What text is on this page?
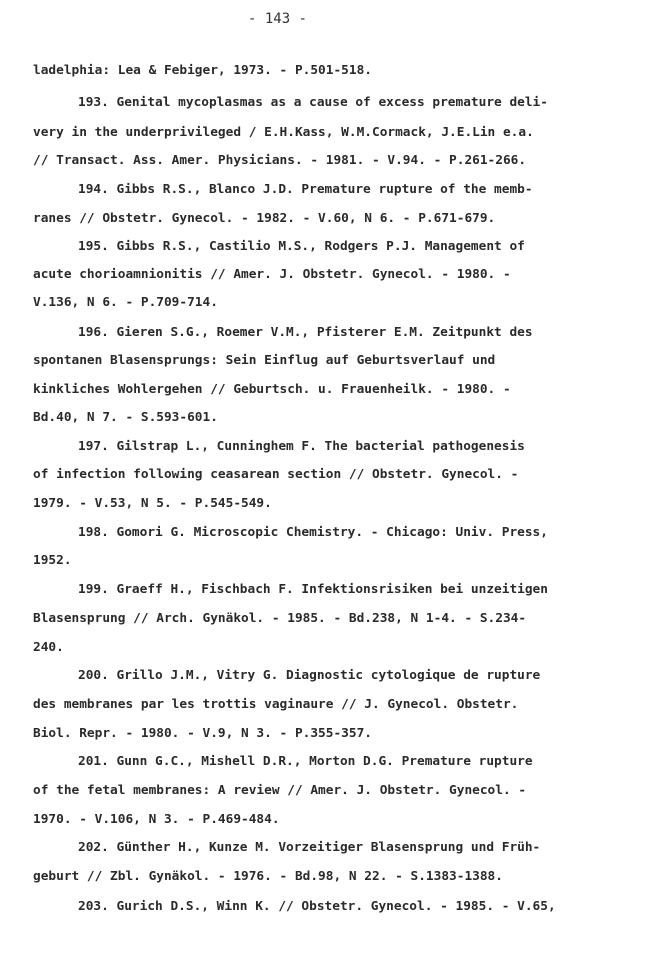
- 143 -
ladelphia: Lea & Febiger, 1973. - P.501-518.
193. Genital mycoplasmas as a cause of excess premature deli-
very in the underprivileged / E.H.Kass, W.M.Cormack, J.E.Lin e.a.
// Transact. Ass. Amer. Physicians. - 1981. - V.94. - P.261-266.
194. Gibbs R.S., Blanco J.D. Premature rupture of the memb-
ranes // Obstetr. Gynecol. - 1982. - V.60, N 6. - P.671-679.
195. Gibbs R.S., Castilio M.S., Rodgers P.J. Management of
acute chorioamnionitis // Amer. J. Obstetr. Gynecol. - 1980. -
V.136, N 6. - P.709-714.
196. Gieren S.G., Roemer V.M., Pfisterer E.M. Zeitpunkt des
spontanen Blasensprungs: Sein Einflug auf Geburtsverlauf und
kinkliches Wohlergehen // Geburtsch. u. Frauenheilk. - 1980. -
Bd.40, N 7. - S.593-601.
197. Gilstrap L., Cunninghem F. The bacterial pathogenesis
of infection following ceasarean section // Obstetr. Gynecol. -
1979. - V.53, N 5. - P.545-549.
198. Gomori G. Microscopic Chemistry. - Chicago: Univ. Press,
1952.
199. Graeff H., Fischbach F. Infektionsrisiken bei unzeitigen
Blasensprung // Arch. Gynäkol. - 1985. - Bd.238, N 1-4. - S.234-
240.
200. Grillo J.M., Vitry G. Diagnostic cytologique de rupture
des membranes par les trottis vaginaure // J. Gynecol. Obstetr.
Biol. Repr. - 1980. - V.9, N 3. - P.355-357.
201. Gunn G.C., Mishell D.R., Morton D.G. Premature rupture
of the fetal membranes: A review // Amer. J. Obstetr. Gynecol. -
1970. - V.106, N 3. - P.469-484.
202. Günther H., Kunze M. Vorzeitiger Blasensprung und Früh-
geburt // Zbl. Gynäkol. - 1976. - Bd.98, N 22. - S.1383-1388.
203. Gurich D.S., Winn K. // Obstetr. Gynecol. - 1985. - V.65,
